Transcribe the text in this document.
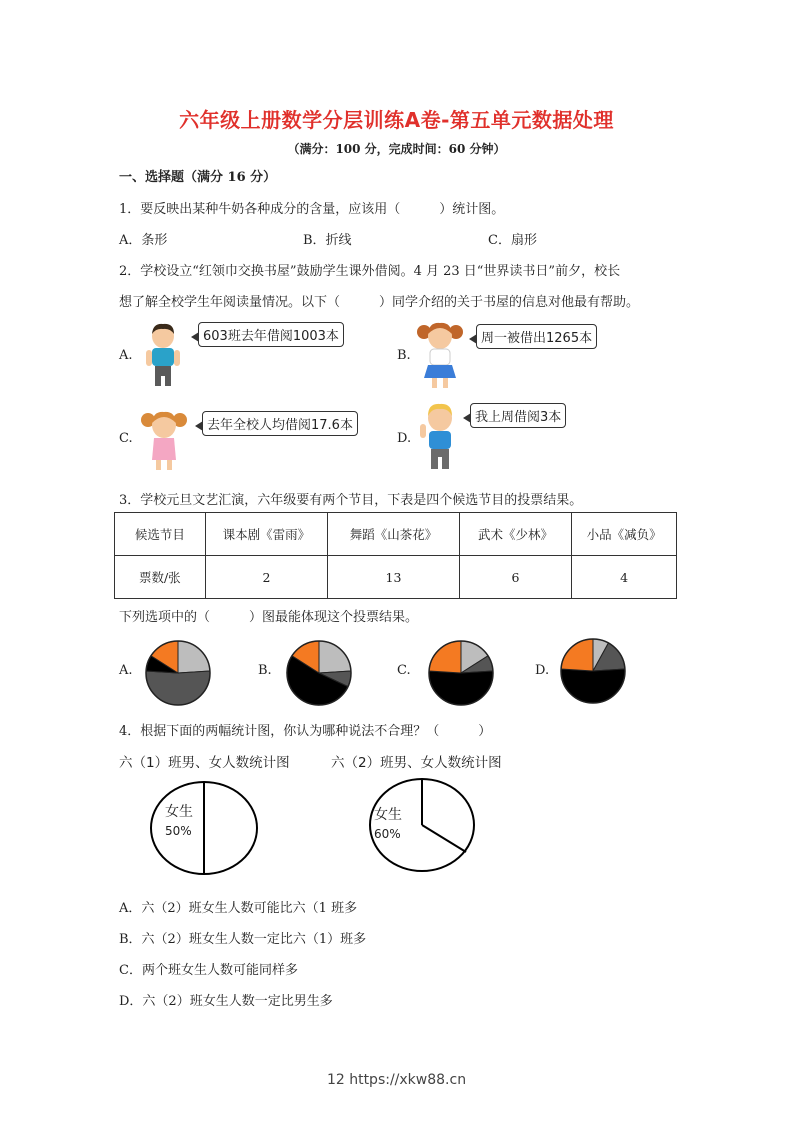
六年级上册数学分层训练A卷-第五单元数据处理
（满分：100 分，完成时间：60 分钟）
一、选择题（满分 16 分）
1．要反映出某种牛奶各种成分的含量，应该用（　　　）统计图。
A．条形	B．折线	C．扇形
2．学校设立“红领巾交换书屋”鼓励学生课外借阅。4 月 23 日“世界读书日”前夕，校长
想了解全校学生年阅读量情况。以下（　　　）同学介绍的关于书屋的信息对他最有帮助。
A.
603班去年借阅1003本
B.
周一被借出1265本
C.
去年全校人均借阅17.6本
D.
我上周借阅3本
3．学校元旦文艺汇演，六年级要有两个节目，下表是四个候选节目的投票结果。
候选节目	课本剧《雷雨》	舞蹈《山茶花》	武术《少林》	小品《减负》
票数/张	2	13	6	4
下列选项中的（　　　）图最能体现这个投票结果。
A.	B.	C.	D.
4．根据下面的两幅统计图，你认为哪种说法不合理？（　　　）
六（1）班男、女人数统计图	六（2）班男、女人数统计图
女生
50%
女生
60%
A．六（2）班女生人数可能比六（1 班多
B．六（2）班女生人数一定比六（1）班多
C．两个班女生人数可能同样多
D．六（2）班女生人数一定比男生多
12 https://xkw88.cn
